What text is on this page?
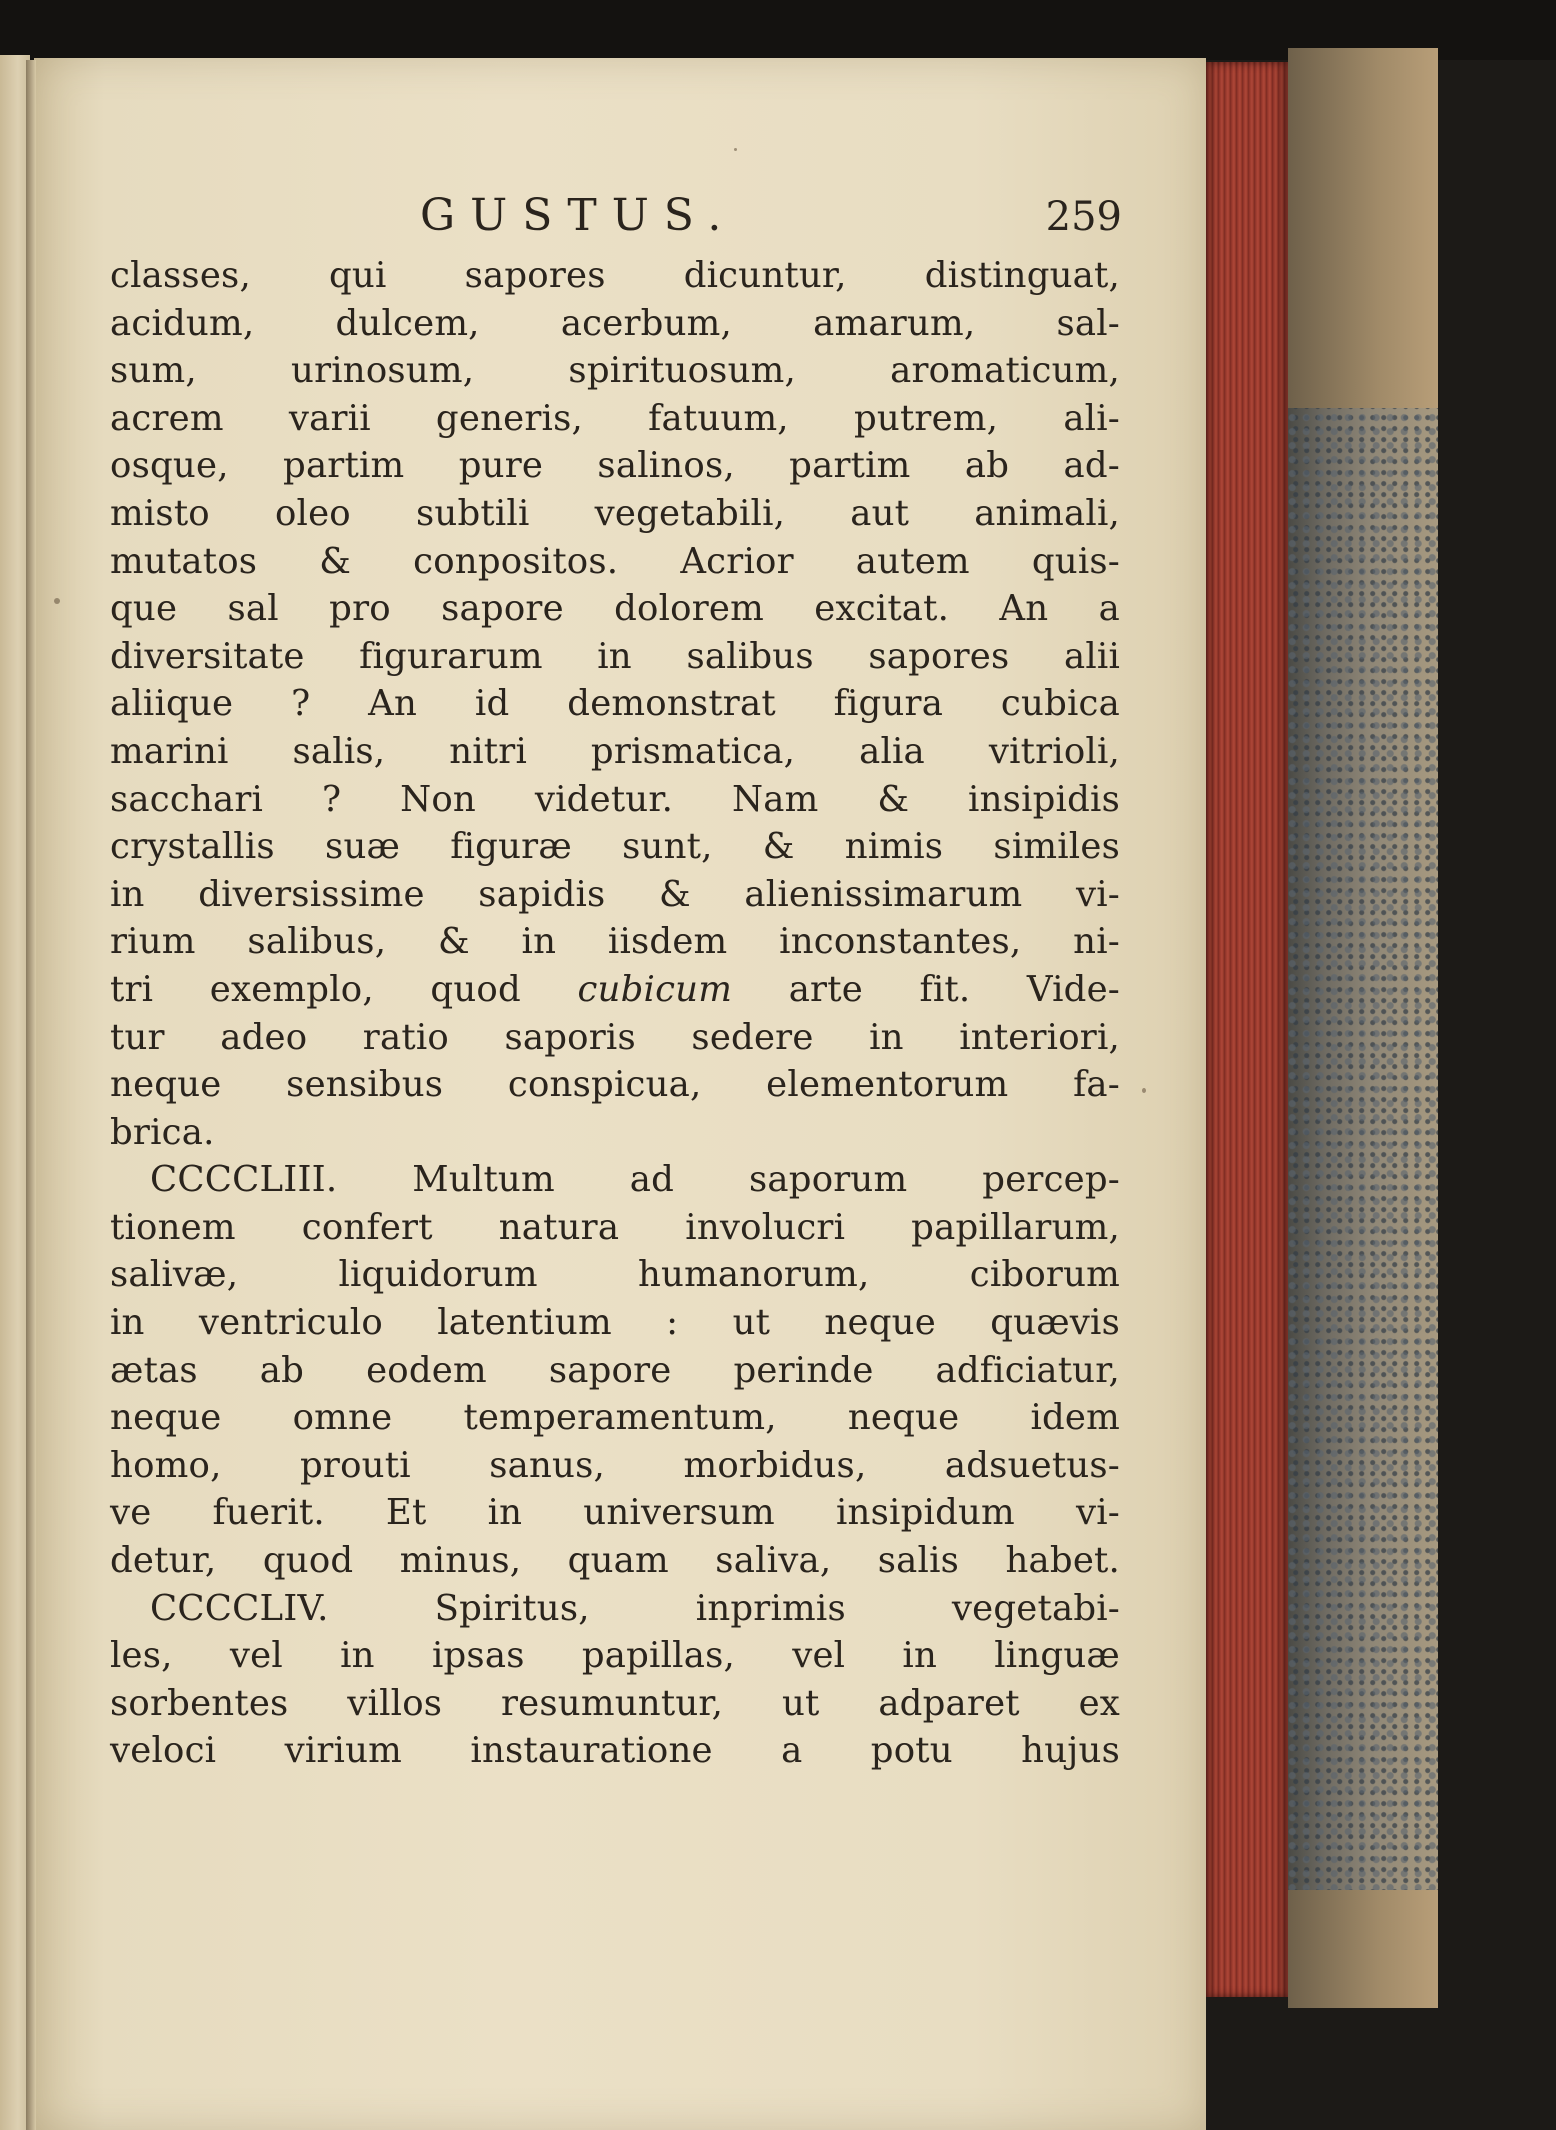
GUSTUS.	259
classes, qui sapores dicuntur, distinguat,
acidum, dulcem, acerbum, amarum, sal-
sum, urinosum, spirituosum, aromaticum,
acrem varii generis, fatuum, putrem, ali-
osque, partim pure salinos, partim ab ad-
misto oleo subtili vegetabili, aut animali,
mutatos & conpositos. Acrior autem quis-
que sal pro sapore dolorem excitat. An a
diversitate figurarum in salibus sapores alii
aliique ? An id demonstrat figura cubica
marini salis, nitri prismatica, alia vitrioli,
sacchari ? Non videtur. Nam & insipidis
crystallis suæ figuræ sunt, & nimis similes
in diversissime sapidis & alienissimarum vi-
rium salibus, & in iisdem inconstantes, ni-
tri exemplo, quod cubicum arte fit. Vide-
tur adeo ratio saporis sedere in interiori,
neque sensibus conspicua, elementorum fa-
brica.
CCCCLIII. Multum ad saporum percep-
tionem confert natura involucri papillarum,
salivæ, liquidorum humanorum, ciborum
in ventriculo latentium : ut neque quævis
ætas ab eodem sapore perinde adficiatur,
neque omne temperamentum, neque idem
homo, prouti sanus, morbidus, adsuetus-
ve fuerit. Et in universum insipidum vi-
detur, quod minus, quam saliva, salis habet.
CCCCLIV. Spiritus, inprimis vegetabi-
les, vel in ipsas papillas, vel in linguæ
sorbentes villos resumuntur, ut adparet ex
veloci virium instauratione a potu hujus
